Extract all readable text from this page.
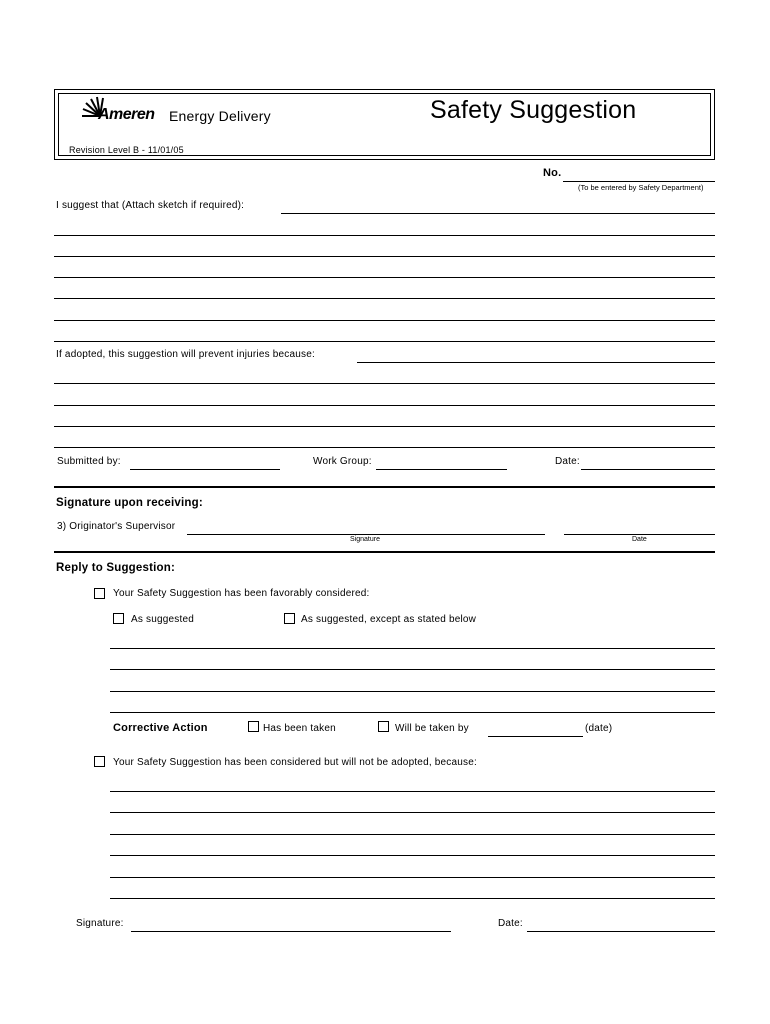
Ameren Energy Delivery	Safety Suggestion
Revision Level B - 11/01/05
No.
(To be entered by Safety Department)
I suggest that (Attach sketch if required):
If adopted, this suggestion will prevent injuries because:
Submitted by:	Work Group:	Date:
Signature upon receiving:
3) Originator's Supervisor
Signature	Date
Reply to Suggestion:
Your Safety Suggestion has been favorably considered:
As suggested	As suggested, except as stated below
Corrective Action	Has been taken	Will be taken by	(date)
Your Safety Suggestion has been considered but will not be adopted, because:
Signature:	Date:
